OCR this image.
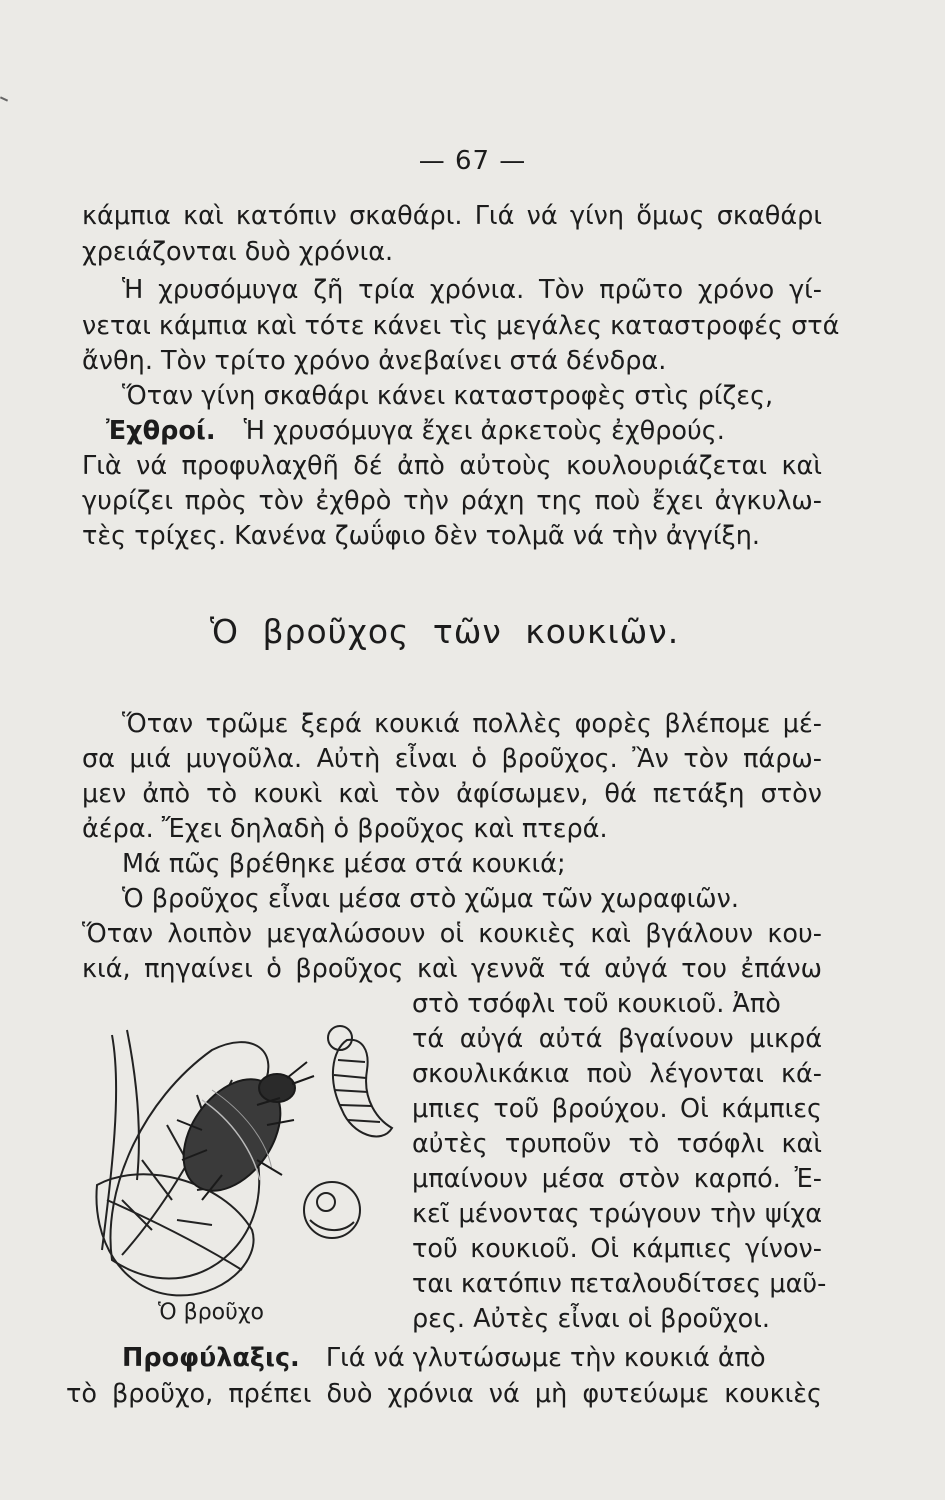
— 67 —
κάμπια καὶ κατόπιν σκαθάρι. Γιά νά γίνη ὅμως σκαθάρι
χρειάζονται δυὸ χρόνια.
Ἡ χρυσόμυγα ζῆ τρία χρόνια. Τὸν πρῶτο χρόνο γί-
νεται κάμπια καὶ τότε κάνει τὶς μεγάλες καταστροφές στά
ἄνθη. Τὸν τρίτο χρόνο ἀνεβαίνει στά δένδρα.
Ὅταν γίνη σκαθάρι κάνει καταστροφὲς στὶς ρίζες,
Ἐχθροί. Ἡ χρυσόμυγα ἔχει ἀρκετοὺς ἐχθρούς.
Γιὰ νά προφυλαχθῆ δέ ἀπὸ αὐτοὺς κουλουριάζεται καὶ
γυρίζει πρὸς τὸν ἐχθρὸ τὴν ράχη της ποὺ ἔχει ἀγκυλω-
τὲς τρίχες. Κανένα ζωΰφιο δὲν τολμᾶ νά τὴν ἀγγίξη.
Ὁ βροῦχος τῶν κουκιῶν.
Ὅταν τρῶμε ξερά κουκιά πολλὲς φορὲς βλέπομε μέ-
σα μιά μυγοῦλα. Αὐτὴ εἶναι ὁ βροῦχος. Ἂν τὸν πάρω-
μεν ἀπὸ τὸ κουκὶ καὶ τὸν ἀφίσωμεν, θά πετάξη στὸν
ἀέρα. Ἔχει δηλαδὴ ὁ βροῦχος καὶ πτερά.
Μά πῶς βρέθηκε μέσα στά κουκιά;
Ὁ βροῦχος εἶναι μέσα στὸ χῶμα τῶν χωραφιῶν.
Ὅταν λοιπὸν μεγαλώσουν οἱ κουκιὲς καὶ βγάλουν κου-
κιά, πηγαίνει ὁ βροῦχος καὶ γεννᾶ τά αὐγά του ἐπάνω
Ὁ βροῦχο
στὸ τσόφλι τοῦ κουκιοῦ. Ἀπὸ
τά αὐγά αὐτά βγαίνουν μικρά
σκουλικάκια ποὺ λέγονται κά-
μπιες τοῦ βρούχου. Οἱ κάμπιες
αὐτὲς τρυποῦν τὸ τσόφλι καὶ
μπαίνουν μέσα στὸν καρπό. Ἐ-
κεῖ μένοντας τρώγουν τὴν ψίχα
τοῦ κουκιοῦ. Οἱ κάμπιες γίνον-
ται κατόπιν πεταλουδίτσες μαῦ-
ρες. Αὐτὲς εἶναι οἱ βροῦχοι.
Προφύλαξις. Γιά νά γλυτώσωμε τὴν κουκιά ἀπὸ
τὸ βροῦχο, πρέπει δυὸ χρόνια νά μὴ φυτεύωμε κουκιὲς
